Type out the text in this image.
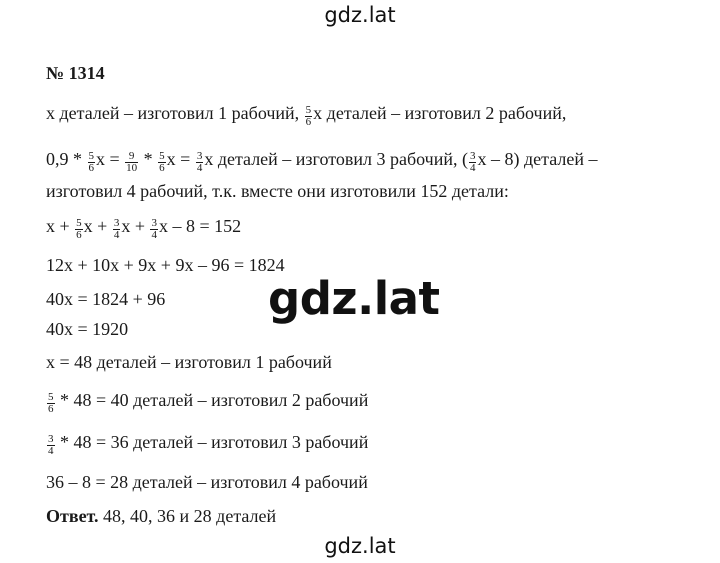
gdz.lat
gdz.lat
№ 1314
x деталей – изготовил 1 рабочий, $\frac{5}{6}$ x деталей – изготовил 2 рабочий,
$0,9 * \frac{5}{6}$ $x = \frac{9}{10} * \frac{5}{6}$ $x = \frac{3}{4}$ x деталей – изготовил 3 рабочий, ( $\frac{3}{4}$ x – 8) деталей –
изготовил 4 рабочий, т.к. вместе они изготовили 152 детали:
$x + \frac{5}{6}$ $x + \frac{3}{4}$ $x + \frac{3}{4}$ x – 8 = 152
12x + 10x + 9x + 9x – 96 = 1824
40x = 1824 + 96
40x = 1920
x = 48 деталей – изготовил 1 рабочий
$\frac{5}{6} * 48 = 40$ деталей – изготовил 2 рабочий
$\frac{3}{4} * 48 = 36$ деталей – изготовил 3 рабочий
36 – 8 = 28 деталей – изготовил 4 рабочий
Ответ. 48, 40, 36 и 28 деталей
gdz.lat
